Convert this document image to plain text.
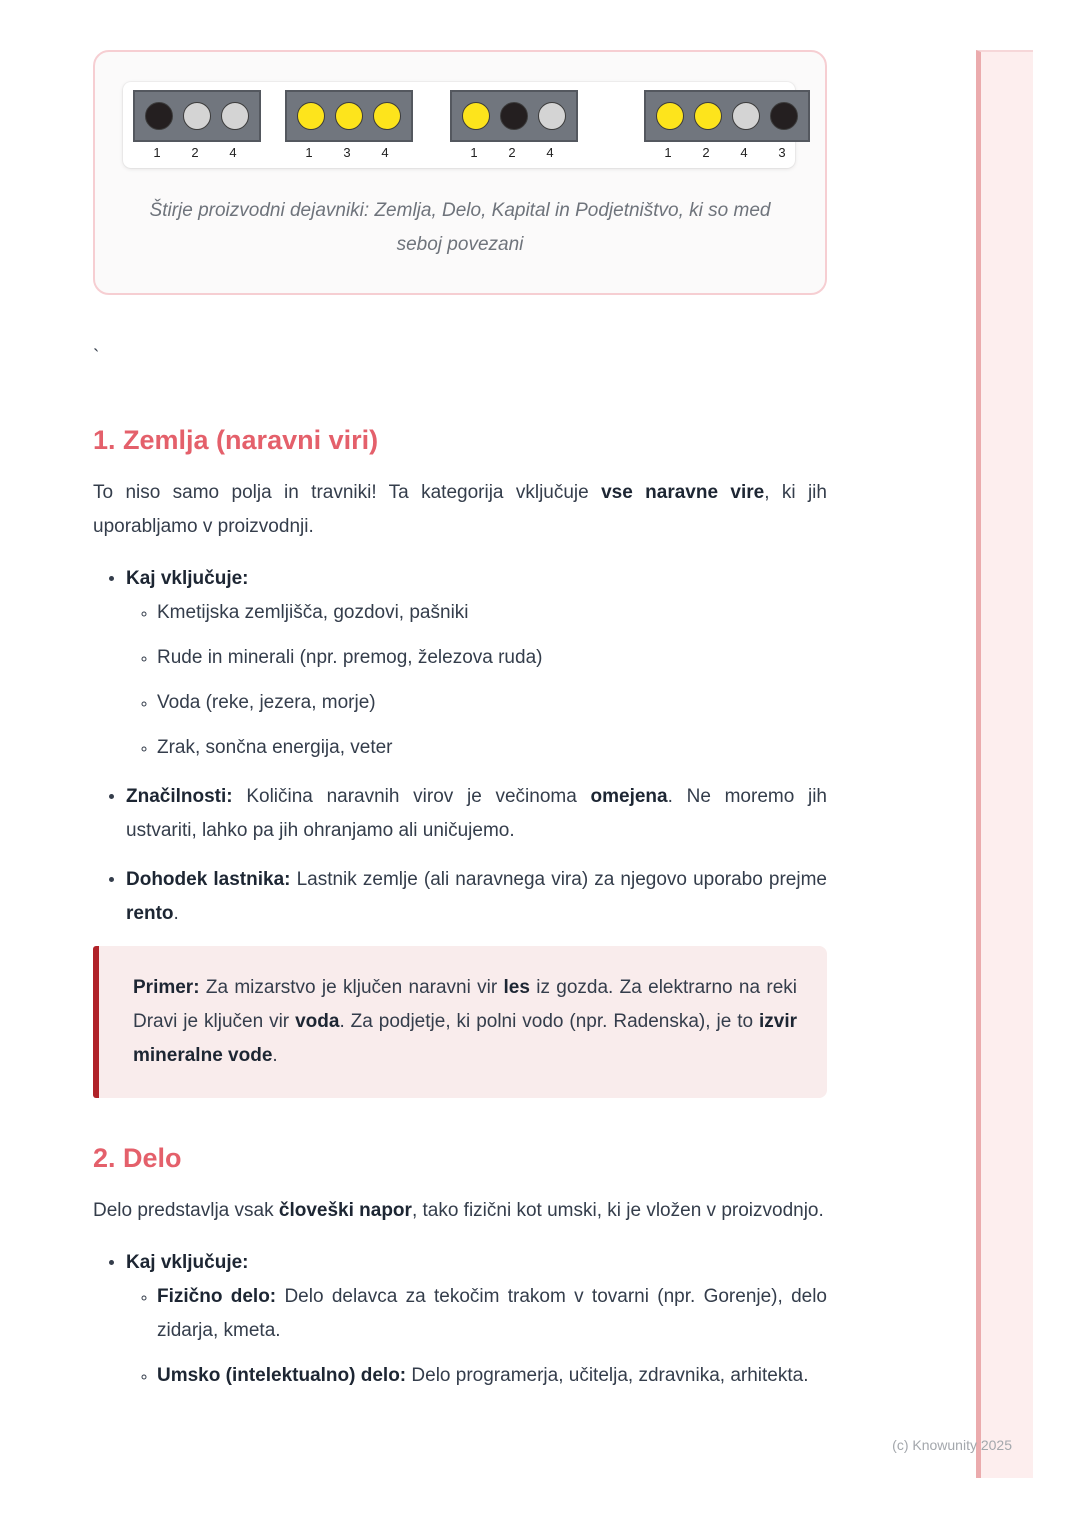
1	2	4	1	3	4	1	2	4	1	2	4	3
Štirje proizvodni dejavniki: Zemlja, Delo, Kapital in Podjetništvo, ki so med
seboj povezani
`
1. Zemlja (naravni viri)

To niso samo polja in travniki! Ta kategorija vključuje vse naravne vire, ki jih uporabljamo v proizvodnji.

• Kaj vključuje:
◦ Kmetijska zemljišča, gozdovi, pašniki
◦ Rude in minerali (npr. premog, železova ruda)
◦ Voda (reke, jezera, morje)
◦ Zrak, sončna energija, veter
• Značilnosti: Količina naravnih virov je večinoma omejena. Ne moremo jih ustvariti, lahko pa jih ohranjamo ali uničujemo.
• Dohodek lastnika: Lastnik zemlje (ali naravnega vira) za njegovo uporabo prejme rento.
Primer: Za mizarstvo je ključen naravni vir les iz gozda. Za elektrarno na reki Dravi je ključen vir voda. Za podjetje, ki polni vodo (npr. Radenska), je to izvir mineralne vode.
2. Delo

Delo predstavlja vsak človeški napor, tako fizični kot umski, ki je vložen v proizvodnjo.

• Kaj vključuje:
◦ Fizično delo: Delo delavca za tekočim trakom v tovarni (npr. Gorenje), delo zidarja, kmeta.
◦ Umsko (intelektualno) delo: Delo programerja, učitelja, zdravnika, arhitekta.
(c) Knowunity 2025
